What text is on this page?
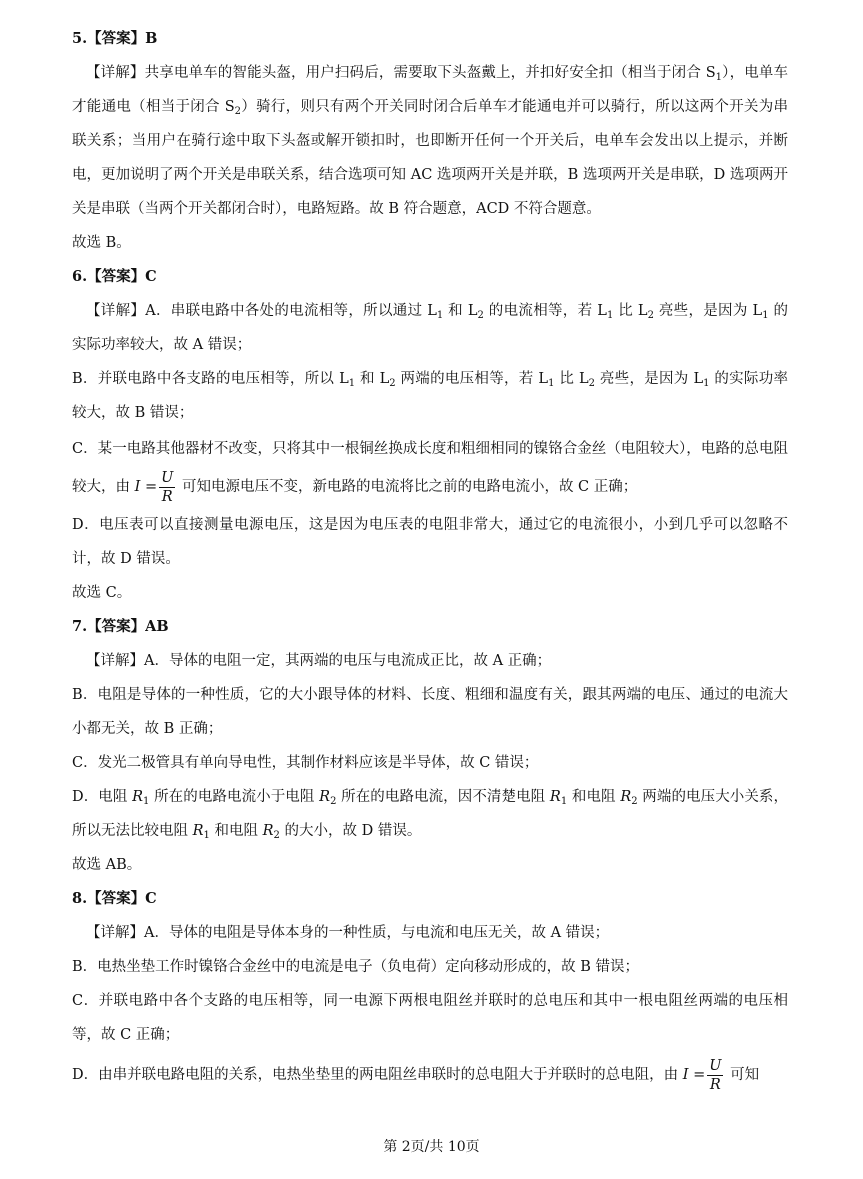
5.【答案】B
【详解】共享电单车的智能头盔，用户扫码后，需要取下头盔戴上，并扣好安全扣（相当于闭合 $S_1$），电单车才能通电（相当于闭合 $S_2$）骑行，则只有两个开关同时闭合后单车才能通电并可以骑行，所以这两个开关为串联关系；当用户在骑行途中取下头盔或解开锁扣时，也即断开任何一个开关后，电单车会发出以上提示，并断电，更加说明了两个开关是串联关系，结合选项可知 AC 选项两开关是并联，B 选项两开关是串联，D 选项两开关是串联（当两个开关都闭合时），电路短路。故 B 符合题意，ACD 不符合题意。
故选 B。
6.【答案】C
【详解】A．串联电路中各处的电流相等，所以通过 $L_1$ 和 $L_2$ 的电流相等，若 $L_1$ 比 $L_2$ 亮些，是因为 $L_1$ 的实际功率较大，故 A 错误；
B．并联电路中各支路的电压相等，所以 $L_1$ 和 $L_2$ 两端的电压相等，若 $L_1$ 比 $L_2$ 亮些，是因为 $L_1$ 的实际功率较大，故 B 错误；
C．某一电路其他器材不改变，只将其中一根铜丝换成长度和粗细相同的镍铬合金丝（电阻较大），电路的总电阻较大，由 $I = \frac{U}{R}$ 可知电源电压不变，新电路的电流将比之前的电路电流小，故 C 正确；
D．电压表可以直接测量电源电压，这是因为电压表的电阻非常大，通过它的电流很小，小到几乎可以忽略不计，故 D 错误。
故选 C。
7.【答案】AB
【详解】A．导体的电阻一定，其两端的电压与电流成正比，故 A 正确；
B．电阻是导体的一种性质，它的大小跟导体的材料、长度、粗细和温度有关，跟其两端的电压、通过的电流大小都无关，故 B 正确；
C．发光二极管具有单向导电性，其制作材料应该是半导体，故 C 错误；
D．电阻 $R_1$ 所在的电路电流小于电阻 $R_2$ 所在的电路电流，因不清楚电阻 $R_1$ 和电阻 $R_2$ 两端的电压大小关系，所以无法比较电阻 $R_1$ 和电阻 $R_2$ 的大小，故 D 错误。
故选 AB。
8.【答案】C
【详解】A．导体的电阻是导体本身的一种性质，与电流和电压无关，故 A 错误；
B．电热坐垫工作时镍铬合金丝中的电流是电子（负电荷）定向移动形成的，故 B 错误；
C．并联电路中各个支路的电压相等，同一电源下两根电阻丝并联时的总电压和其中一根电阻丝两端的电压相等，故 C 正确；
D．由串并联电路电阻的关系，电热坐垫里的两电阻丝串联时的总电阻大于并联时的总电阻，由 $I = \frac{U}{R}$ 可知
第 2页/共 10页
